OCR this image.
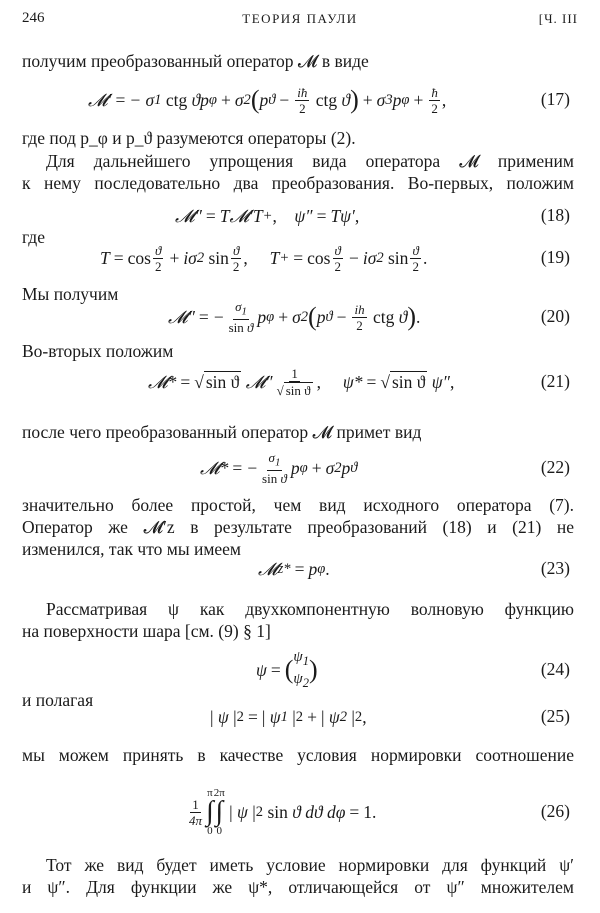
246	ТЕОРИЯ ПАУЛИ	[Ч. III
получим преобразованный оператор 𝓜 в виде
𝓜′ = − σ 1
ctg ϑ p φ + σ 2 ( p $ϑ - \frac{iħ}{2}$
ctg ϑ ) + σ 3 p $\varphi + \frac{ħ}{2}$ ,	(17)
где под p_φ и p_ϑ разумеются операторы (2).
Для дальнейшего упрощения вида оператора 𝓜 применим
к нему последовательно два преобразования. Во-первых, положим
𝓜″ = T𝓜′T + , ψ″ = Tψ′ ,	(18)
где
T = cos ϑ
2 + iσ 2
sin ϑ
2 , T + = cos ϑ
2 − iσ 2
sin ϑ
2 .	(19)
Мы получим
𝓜″ = − $\frac{\sigma_1}{\text{sin ϑ}}$ p φ + σ 2 ( p $ϑ - \frac{ih}{2}$
ctg ϑ ) .	(20)
Во-вторых положим
𝓜* = √ sin ϑ 𝓜″ 1
√ sin ϑ , ψ* = √ sin ϑ ψ″ ,	(21)
после чего преобразованный оператор 𝓜 примет вид
𝓜* = − $\frac{\sigma_1}{\text{sin ϑ}}$ p φ + σ 2 p ϑ	(22)
значительно более простой, чем вид исходного оператора (7).
Оператор же 𝓜′z в результате преобразований (18) и (21) не
изменился, так что мы имеем
𝓜 z * = p φ .	(23)
Рассматривая ψ как двухкомпонентную волновую функцию
на поверхности шара [см. (9) § 1]
ψ = ( $\psi_1$
$\psi_2$ )	(24)
и полагая
| ψ | 2 = | ψ 1
| 2 + | ψ 2
| 2 ,	(25)
мы можем принять в качестве условия нормировки соотношение
1
4π
π
∫
0
2π
∫
0

| ψ | 2
sin ϑ dϑ dφ = 1.	(26)
Тот же вид будет иметь условие нормировки для функций ψ′
и ψ″. Для функции же ψ*, отличающейся от ψ″ множителем
